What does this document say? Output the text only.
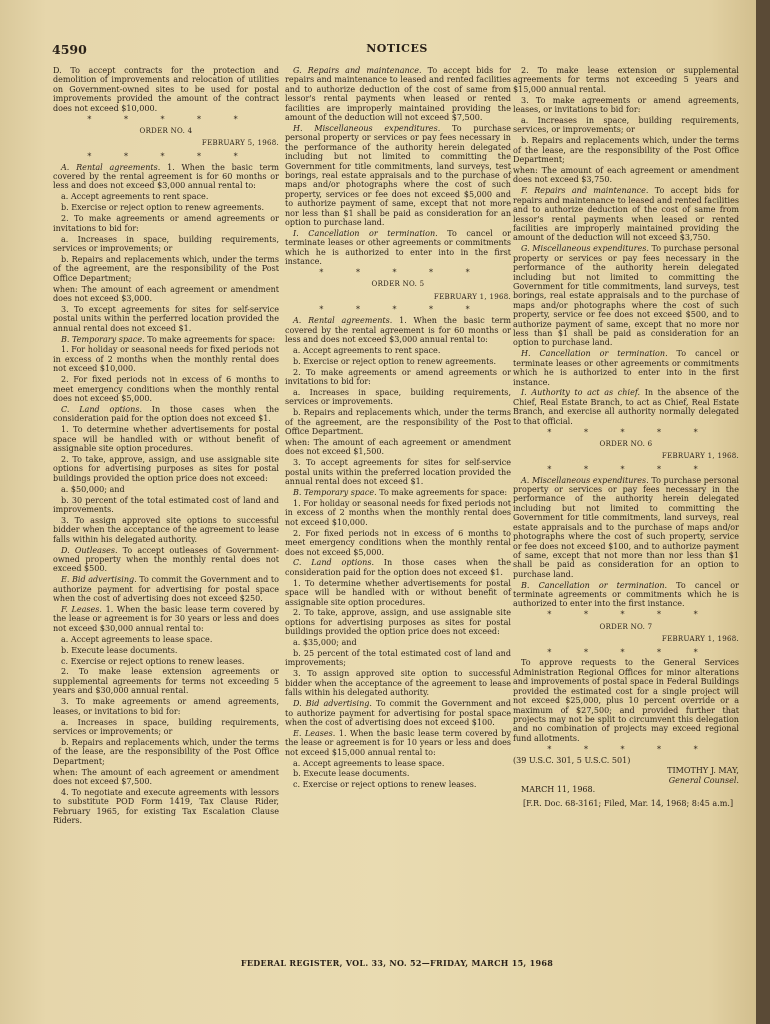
4590	NOTICES

D. To accept contracts for the protection and demolition of improvements and relocation of utilities on Government-owned sites to be used for postal improvements provided the amount of the contract does not exceed $10,000.

* * * * *

ORDER NO. 4

FEBRUARY 5, 1968.

* * * * *

A. Rental agreements. 1. When the basic term covered by the rental agreement is for 60 months or less and does not exceed $3,000 annual rental to:

a. Accept agreements to rent space.

b. Exercise or reject option to renew agreements.

2. To make agreements or amend agreements or invitations to bid for:

a. Increases in space, building requirements, services or improvements; or

b. Repairs and replacements which, under the terms of the agreement, are the responsibility of the Post Office Department;

when: The amount of each agreement or amendment does not exceed $3,000.

3. To except agreements for sites for self-service postal units within the perferred location provided the annual rental does not exceed $1.

B. Temporary space. To make agreements for space:

1. For holiday or seasonal needs for fixed periods not in excess of 2 months when the monthly rental does not exceed $10,000.

2. For fixed periods not in excess of 6 months to meet emergency conditions when the monthly rental does not exceed $5,000.

C. Land options. In those cases when the consideration paid for the option does not exceed $1.

1. To determine whether advertisements for postal space will be handled with or without benefit of assignable site option procedures.

2. To take, approve, assign, and use assignable site options for advertising purposes as sites for postal buildings provided the option price does not exceed:

a. $50,000; and

b. 30 percent of the total estimated cost of land and improvements.

3. To assign approved site options to successful bidder when the acceptance of the agreement to lease falls within his delegated authority.

D. Outleases. To accept outleases of Government-owned property when the monthly rental does not exceed $500.

E. Bid advertising. To commit the Government and to authorize payment for advertising for postal space when the cost of advertising does not exceed $250.

F. Leases. 1. When the basic lease term covered by the lease or agreement is for 30 years or less and does not exceed $30,000 annual rental to:

a. Accept agreements to lease space.

b. Execute lease documents.

c. Exercise or reject options to renew leases.

2. To make lease extension agreements or supplemental agreements for terms not exceeding 5 years and $30,000 annual rental.

3. To make agreements or amend agreements, leases, or invitations to bid for:

a. Increases in space, building requirements, services or improvements; or

b. Repairs and replacements which, under the terms of the lease, are the responsibility of the Post Office Department;

when: The amount of each agreement or amendment does not exceed $7,500.

4. To negotiate and execute agreements with lessors to substitute POD Form 1419, Tax Clause Rider, February 1965, for existing Tax Escalation Clause Riders.

G. Repairs and maintenance. To accept bids for repairs and maintenance to leased and rented facilities and to authorize deduction of the cost of same from lessor's rental payments when leased or rented facilities are improperly maintained providing the amount of the deduction will not exceed $7,500.

H. Miscellaneous expenditures. To purchase personal property or services or pay fees necessary in the performance of the authority herein delegated including but not limited to committing the Government for title commitments, land surveys, test borings, real estate appraisals and to the purchase of maps and/or photographs where the cost of such property, services or fee does not exceed $5,000 and to authorize payment of same, except that not more nor less than $1 shall be paid as consideration for an option to purchase land.

I. Cancellation or termination. To cancel or terminate leases or other agreements or commitments which he is authorized to enter into in the first instance.

* * * * *

ORDER NO. 5

FEBRUARY 1, 1968.

* * * * *

A. Rental agreements. 1. When the basic term covered by the rental agreement is for 60 months or less and does not exceed $3,000 annual rental to:

a. Accept agreements to rent space.

b. Exercise or reject option to renew agreements.

2. To make agreements or amend agreements or invitations to bid for:

a. Increases in space, building requirements, services or improvements.

b. Repairs and replacements which, under the terms of the agreement, are the responsibility of the Post Office Department.

when: The amount of each agreement or amendment does not exceed $1,500.

3. To accept agreements for sites for self-service postal units within the preferred location provided the annual rental does not exceed $1.

B. Temporary space. To make agreements for space:

1. For holiday or seasonal needs for fixed periods not in excess of 2 months when the monthly rental does not exceed $10,000.

2. For fixed periods not in excess of 6 months to meet emergency conditions when the monthly rental does not exceed $5,000.

C. Land options. In those cases when the consideration paid for the option does not exceed $1.

1. To determine whether advertisements for postal space will be handled with or without benefit of assignable site option procedures.

2. To take, approve, assign, and use assignable site options for advertising purposes as sites for postal buildings provided the option price does not exceed:

a. $35,000; and

b. 25 percent of the total estimated cost of land and improvements;

3. To assign approved site option to successful bidder when the acceptance of the agreement to lease falls within his delegated authority.

D. Bid advertising. To commit the Government and to authorize payment for advertising for postal space when the cost of advertising does not exceed $100.

E. Leases. 1. When the basic lease term covered by the lease or agreement is for 10 years or less and does not exceed $15,000 annual rental to:

a. Accept agreements to lease space.

b. Execute lease documents.

c. Exercise or reject options to renew leases.

2. To make lease extension or supplemental agreements for terms not exceeding 5 years and $15,000 annual rental.

3. To make agreements or amend agreements, leases, or invitations to bid for:

a. Increases in space, building requirements, services, or improvements; or

b. Repairs and replacements which, under the terms of the lease, are the responsibility of the Post Office Department;

when: The amount of each agreement or amendment does not exceed $3,750.

F. Repairs and maintenance. To accept bids for repairs and maintenance to leased and rented facilities and to authorize deduction of the cost of same from lessor's rental payments when leased or rented facilities are improperly maintained providing the amount of the deduction will not exceed $3,750.

G. Miscellaneous expenditures. To purchase personal property or services or pay fees necessary in the performance of the authority herein delegated including but not limited to committing the Government for title commitments, land surveys, test borings, real estate appraisals and to the purchase of maps and/or photographs where the cost of such property, service or fee does not exceed $500, and to authorize payment of same, except that no more nor less than $1 shall be paid as consideration for an option to purchase land.

H. Cancellation or termination. To cancel or terminate leases or other agreements or commitments which he is authorized to enter into in the first instance.

I. Authority to act as chief. In the absence of the Chief, Real Estate Branch, to act as Chief, Real Estate Branch, and exercise all authority normally delegated to that official.

* * * * *

ORDER NO. 6

FEBRUARY 1, 1968.

* * * * *

A. Miscellaneous expenditures. To purchase personal property or services or pay fees necessary in the performance of the authority herein delegated including but not limited to committing the Government for title commitments, land surveys, real estate appraisals and to the purchase of maps and/or photographs where the cost of such property, service or fee does not exceed $100, and to authorize payment of same, except that not more than nor less than $1 shall be paid as consideration for an option to purchase land.

B. Cancellation or termination. To cancel or terminate agreements or commitments which he is authorized to enter into the first instance.

* * * * *

ORDER NO. 7

FEBRUARY 1, 1968.

* * * * *

To approve requests to the General Services Administration Regional Offices for minor alterations and improvements of postal space in Federal Buildings provided the estimated cost for a single project will not exceed $25,000, plus 10 percent override or a maximum of $27,500; and provided further that projects may not be split to circumvent this delegation and no combination of projects may exceed regional fund allotments.

* * * * *

(39 U.S.C. 301, 5 U.S.C. 501)

TIMOTHY J. MAY,

General Counsel.

MARCH 11, 1968.

[F.R. Doc. 68-3161; Filed, Mar. 14, 1968; 8:45 a.m.]

FEDERAL REGISTER, VOL. 33, NO. 52—FRIDAY, MARCH 15, 1968
